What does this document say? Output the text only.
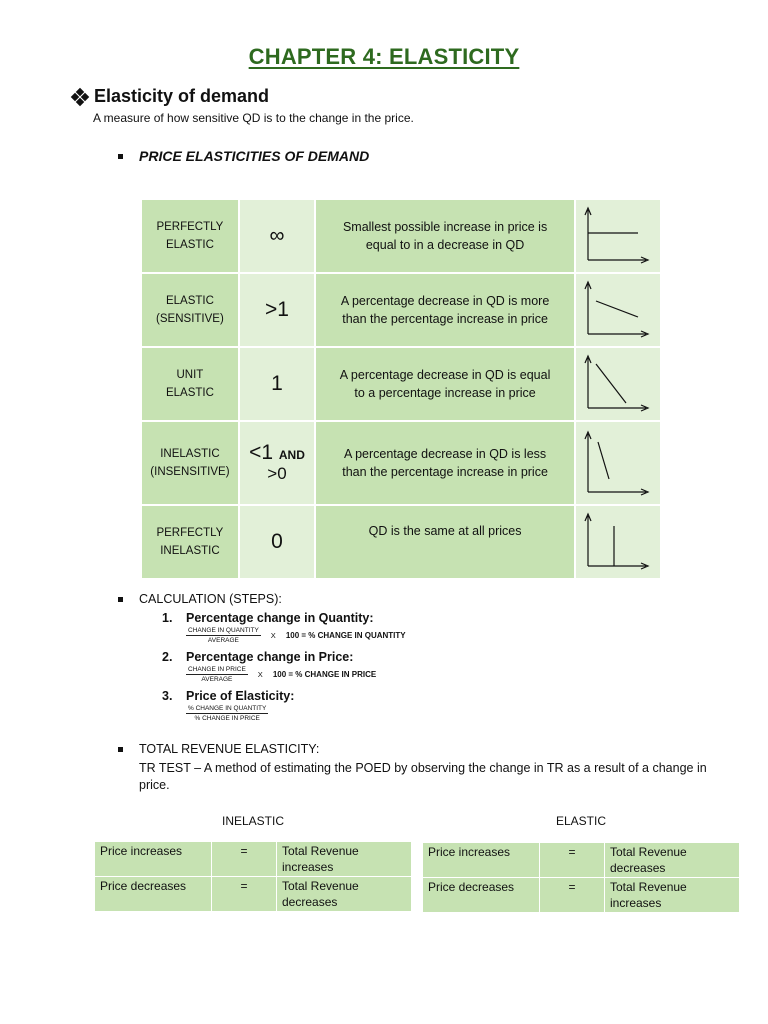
CHAPTER 4: ELASTICITY
Elasticity of demand
A measure of how sensitive QD is to the change in the price.
PRICE ELASTICITIES OF DEMAND
PERFECTLY
ELASTIC	∞	Smallest possible increase in price is
equal to in a decrease in QD	
ELASTIC
(SENSITIVE)	>1	A percentage decrease in QD is more
than the percentage increase in price	
UNIT
ELASTIC	1	A percentage decrease in QD is equal
to a percentage increase in price	
INELASTIC
(INSENSITIVE)	<1 AND
>0	A percentage decrease in QD is less
than the percentage increase in price	
PERFECTLY
INELASTIC	0	QD is the same at all prices	
CALCULATION (STEPS):
1. Percentage change in Quantity:
$\frac{\text{CHANGE IN QUANTITY}}{\text{AVERAGE}}$ X 100 = % CHANGE IN QUANTITY
2. Percentage change in Price:
$\frac{\text{CHANGE IN PRICE}}{\text{AVERAGE}}$ X 100 = % CHANGE IN PRICE
3. Price of Elasticity:
$\frac{\text{\% CHANGE IN QUANTITY}}{\text{\% CHANGE IN PRICE}}$
TOTAL REVENUE ELASTICITY:
TR TEST – A method of estimating the POED by observing the change in TR as a result of a change in price.
INELASTIC	ELASTIC
Price increases	=	Total Revenue increases
Price decreases	=	Total Revenue decreases
Price increases	=	Total Revenue decreases
Price decreases	=	Total Revenue increases
